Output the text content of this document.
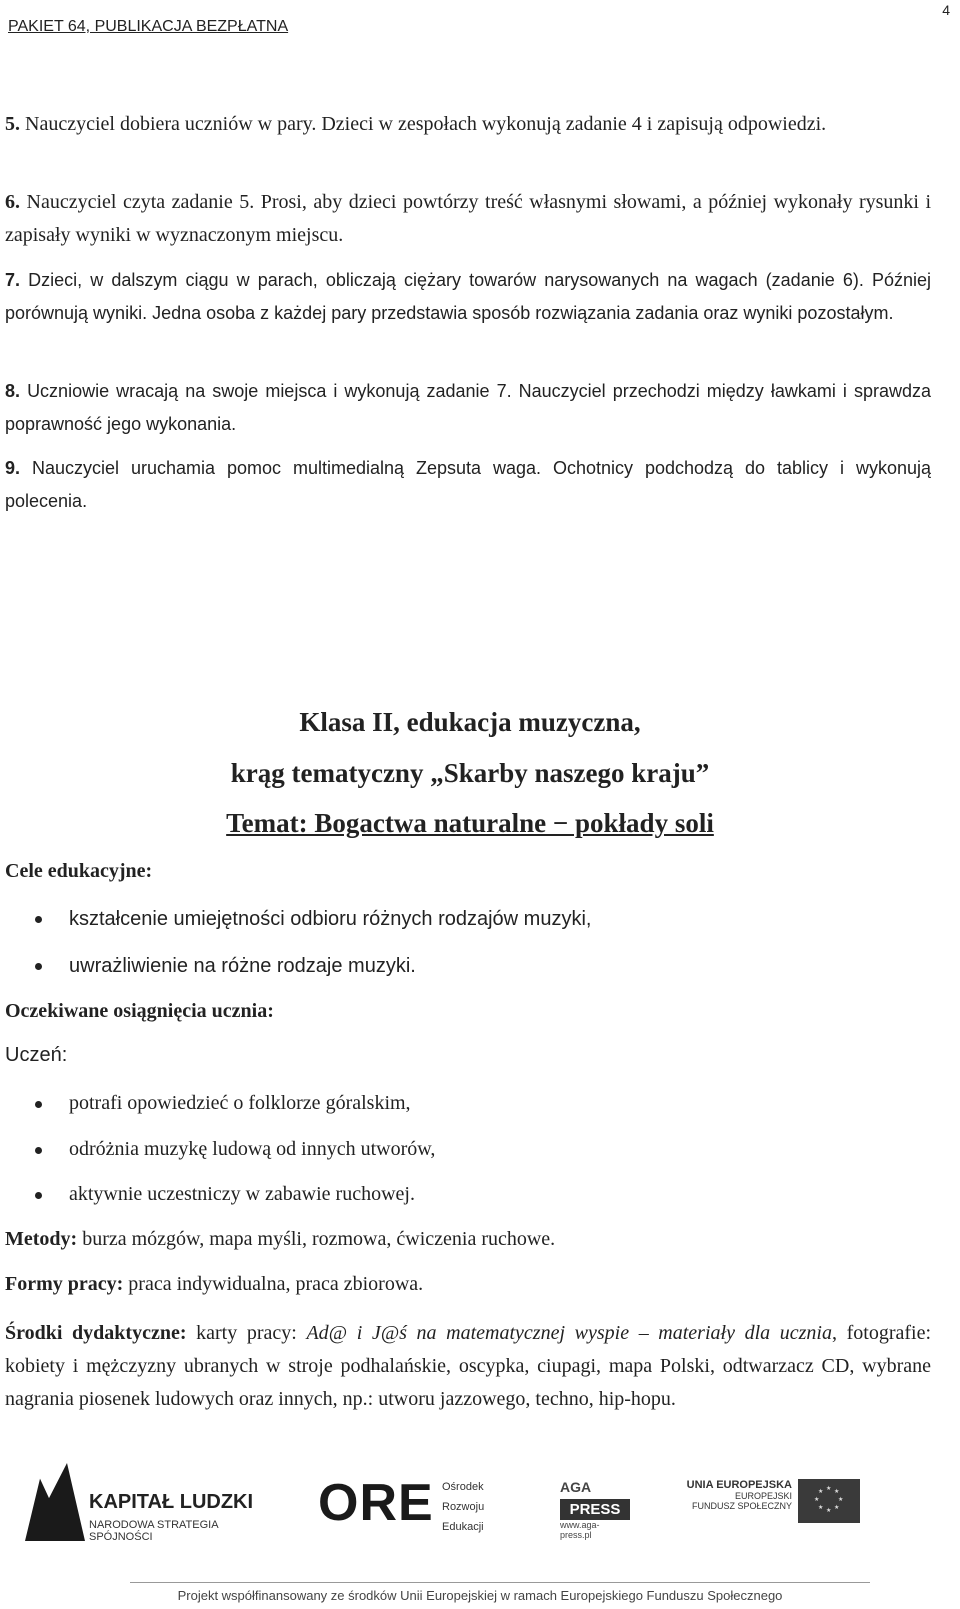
PAKIET 64, PUBLIKACJA BEZPŁATNA
4
5. Nauczyciel dobiera uczniów w pary. Dzieci w zespołach wykonują zadanie 4 i zapisują odpowiedzi.
6. Nauczyciel czyta zadanie 5. Prosi, aby dzieci powtórzy treść własnymi słowami, a później wykonały rysunki i zapisały wyniki w wyznaczonym miejscu.
7. Dzieci, w dalszym ciągu w parach, obliczają ciężary towarów narysowanych na wagach (zadanie 6). Później porównują wyniki. Jedna osoba z każdej pary przedstawia sposób rozwiązania zadania oraz wyniki pozostałym.
8. Uczniowie wracają na swoje miejsca i wykonują zadanie 7. Nauczyciel przechodzi między ławkami i sprawdza poprawność jego wykonania.
9. Nauczyciel uruchamia pomoc multimedialną Zepsuta waga. Ochotnicy podchodzą do tablicy i wykonują polecenia.
Klasa II, edukacja muzyczna,
krąg tematyczny „Skarby naszego kraju”
Temat: Bogactwa naturalne − pokłady soli
Cele edukacyjne:
kształcenie umiejętności odbioru różnych rodzajów muzyki,
uwrażliwienie na różne rodzaje muzyki.
Oczekiwane osiągnięcia ucznia:
Uczeń:
potrafi opowiedzieć o folklorze góralskim,
odróżnia muzykę ludową od innych utworów,
aktywnie uczestniczy w zabawie ruchowej.
Metody: burza mózgów, mapa myśli, rozmowa, ćwiczenia ruchowe.
Formy pracy: praca indywidualna, praca zbiorowa.
Środki dydaktyczne: karty pracy: Ad@ i J@ś na matematycznej wyspie – materiały dla ucznia, fotografie: kobiety i mężczyzny ubranych w stroje podhalańskie, oscypka, ciupagi, mapa Polski, odtwarzacz CD, wybrane nagrania piosenek ludowych oraz innych, np.: utworu jazzowego, techno, hip-hopu.
KAPITAŁ LUDZKI
NARODOWA STRATEGIA SPÓJNOŚCI
ORE Ośrodek
Rozwoju
Edukacji
AGA
PRESS
www.aga-press.pl
UNIA EUROPEJSKA
EUROPEJSKI
FUNDUSZ SPOŁECZNY
★ ★
★
★
★
★
★
★
Projekt współfinansowany ze środków Unii Europejskiej w ramach Europejskiego Funduszu Społecznego
